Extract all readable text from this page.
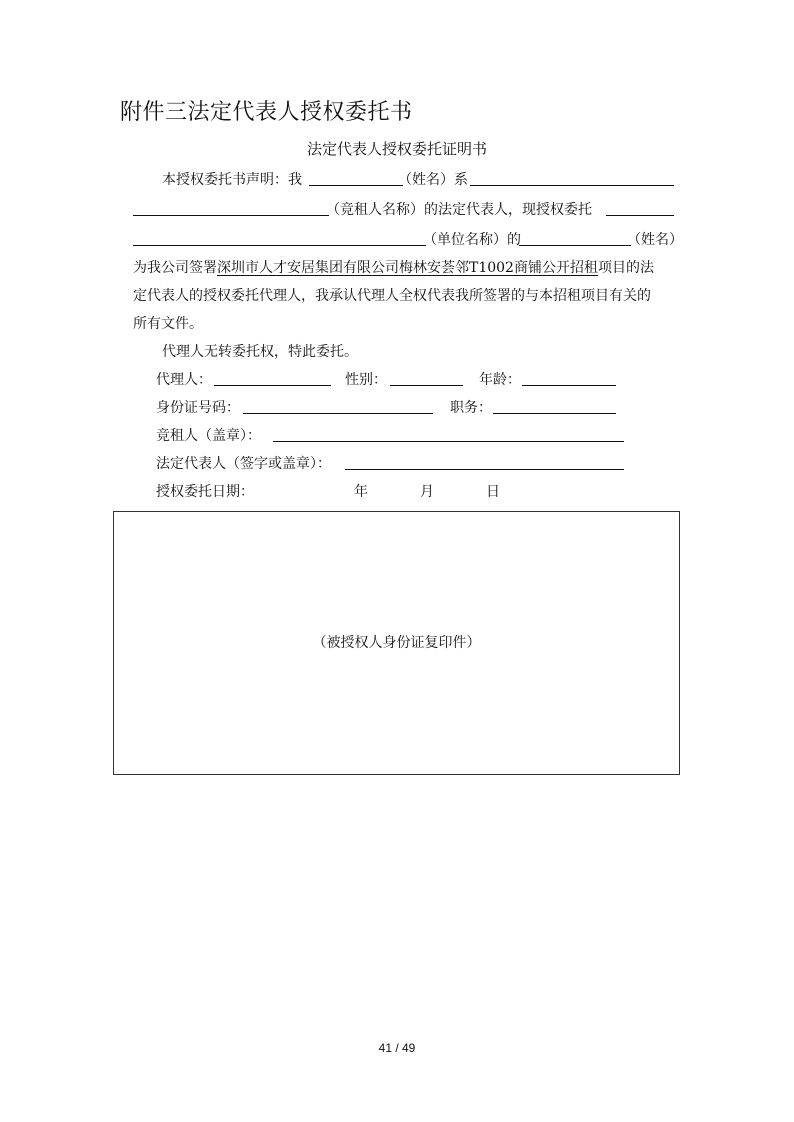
附件三法定代表人授权委托书
法定代表人授权委托证明书
本授权委托书声明：我	（姓名）系
（竞租人名称）的法定代表人，现授权委托
（单位名称）的	（姓名）
为我公司签署深圳市人才安居集团有限公司梅林安荟邻T1002商铺公开招租项目的法
定代表人的授权委托代理人，我承认代理人全权代表我所签署的与本招租项目有关的
所有文件。
代理人无转委托权，特此委托。
代理人：	性别：	年龄：
身份证号码：	职务：
竞租人（盖章）：
法定代表人（签字或盖章）：
授权委托日期：	年	月	日
（被授权人身份证复印件）
41 / 49
